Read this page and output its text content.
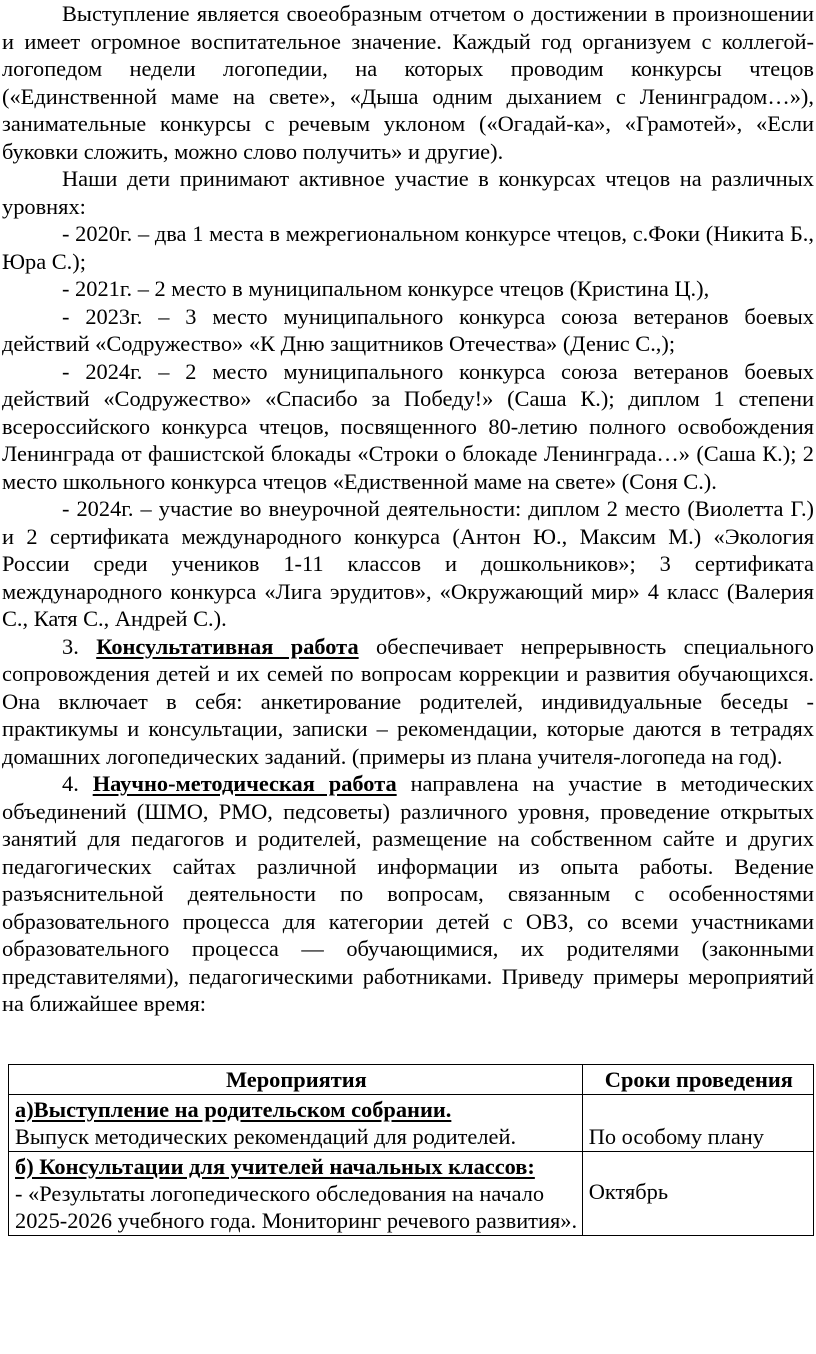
Выступление является своеобразным отчетом о достижении в произношении и имеет огромное воспитательное значение. Каждый год организуем с коллегой-логопедом недели логопедии, на которых проводим конкурсы чтецов («Единственной маме на свете», «Дыша одним дыханием с Ленинградом…»), занимательные конкурсы с речевым уклоном («Огадай-ка», «Грамотей», «Если буковки сложить, можно слово получить» и другие).

Наши дети принимают активное участие в конкурсах чтецов на различных уровнях:

- 2020г. – два 1 места в межрегиональном конкурсе чтецов, с.Фоки (Никита Б., Юра С.);

- 2021г. – 2 место в муниципальном конкурсе чтецов (Кристина Ц.),

- 2023г. – 3 место муниципального конкурса союза ветеранов боевых действий «Содружество» «К Дню защитников Отечества» (Денис С.,);

- 2024г. – 2 место муниципального конкурса союза ветеранов боевых действий «Содружество» «Спасибо за Победу!» (Саша К.); диплом 1 степени всероссийского конкурса чтецов, посвященного 80-летию полного освобождения Ленинграда от фашистской блокады «Строки о блокаде Ленинграда…» (Саша К.); 2 место школьного конкурса чтецов «Едиственной маме на свете» (Соня С.).

- 2024г. – участие во внеурочной деятельности: диплом 2 место (Виолетта Г.) и 2 сертификата международного конкурса (Антон Ю., Максим М.) «Экология России среди учеников 1-11 классов и дошкольников»; 3 сертификата международного конкурса «Лига эрудитов», «Окружающий мир» 4 класс (Валерия С., Катя С., Андрей С.).

3. Консультативная работа обеспечивает непрерывность специального сопровождения детей и их семей по вопросам коррекции и развития обучающихся. Она включает в себя: анкетирование родителей, индивидуальные беседы - практикумы и консультации, записки – рекомендации, которые даются в тетрадях домашних логопедических заданий. (примеры из плана учителя-логопеда на год).

4. Научно-методическая работа направлена на участие в методических объединений (ШМО, РМО, педсоветы) различного уровня, проведение открытых занятий для педагогов и родителей, размещение на собственном сайте и других педагогических сайтах различной информации из опыта работы. Ведение разъяснительной деятельности по вопросам, связанным с особенностями образовательного процесса для категории детей с ОВЗ, со всеми участниками образовательного процесса — обучающимися, их родителями (законными представителями), педагогическими работниками. Приведу примеры мероприятий на ближайшее время:

Мероприятия	Сроки проведения

а)Выступление на родительском собрании.
Выпуск методических рекомендаций для родителей.	По особому плану

б) Консультации для учителей начальных классов:
- «Результаты логопедического обследования на начало 2025-2026 учебного года. Мониторинг речевого развития».	Октябрь
